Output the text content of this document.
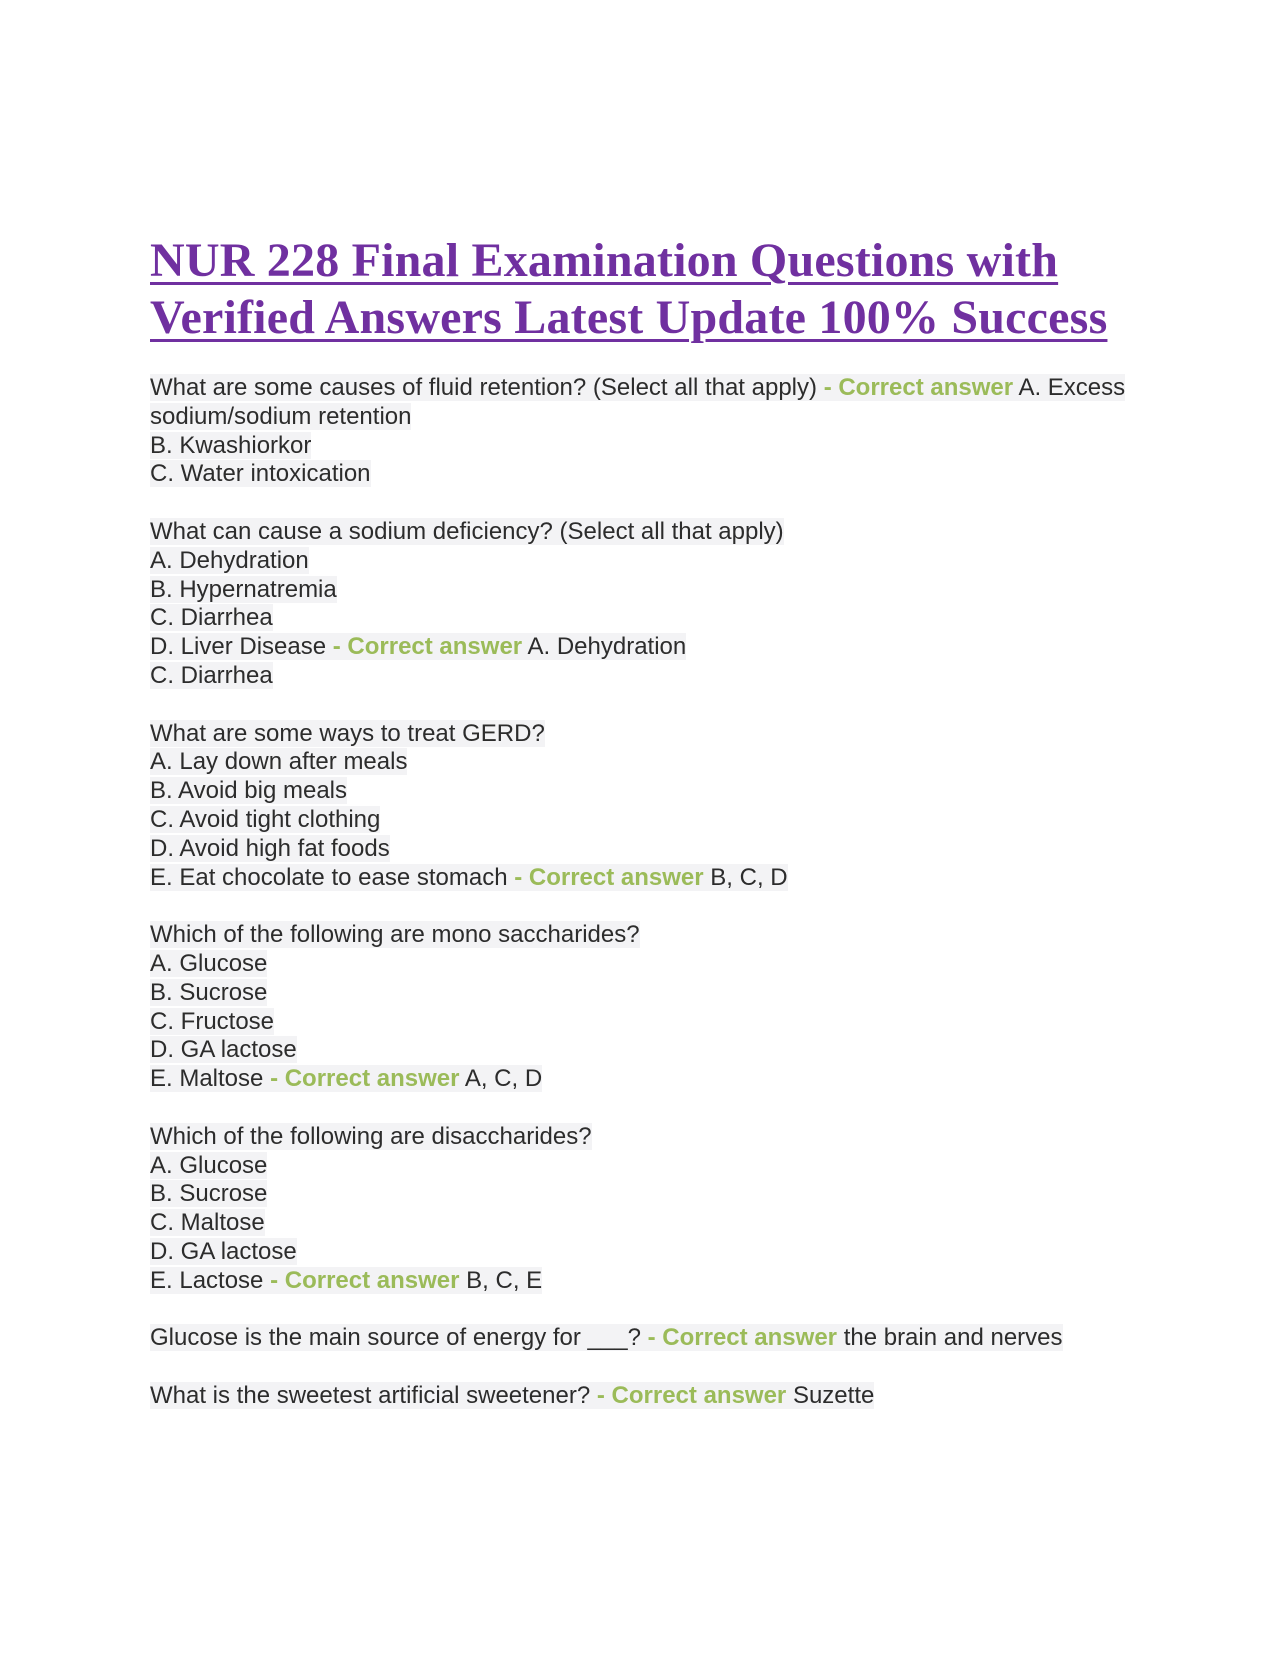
NUR 228 Final Examination Questions with Verified Answers Latest Update 100% Success
What are some causes of fluid retention? (Select all that apply) - Correct answer A. Excess sodium/sodium retention
B. Kwashiorkor
C. Water intoxication
What can cause a sodium deficiency? (Select all that apply)
A. Dehydration
B. Hypernatremia
C. Diarrhea
D. Liver Disease - Correct answer A. Dehydration
C. Diarrhea
What are some ways to treat GERD?
A. Lay down after meals
B. Avoid big meals
C. Avoid tight clothing
D. Avoid high fat foods
E. Eat chocolate to ease stomach - Correct answer B, C, D
Which of the following are mono saccharides?
A. Glucose
B. Sucrose
C. Fructose
D. GA lactose
E. Maltose - Correct answer A, C, D
Which of the following are disaccharides?
A. Glucose
B. Sucrose
C. Maltose
D. GA lactose
E. Lactose - Correct answer B, C, E
Glucose is the main source of energy for ___? - Correct answer the brain and nerves
What is the sweetest artificial sweetener? - Correct answer Suzette
